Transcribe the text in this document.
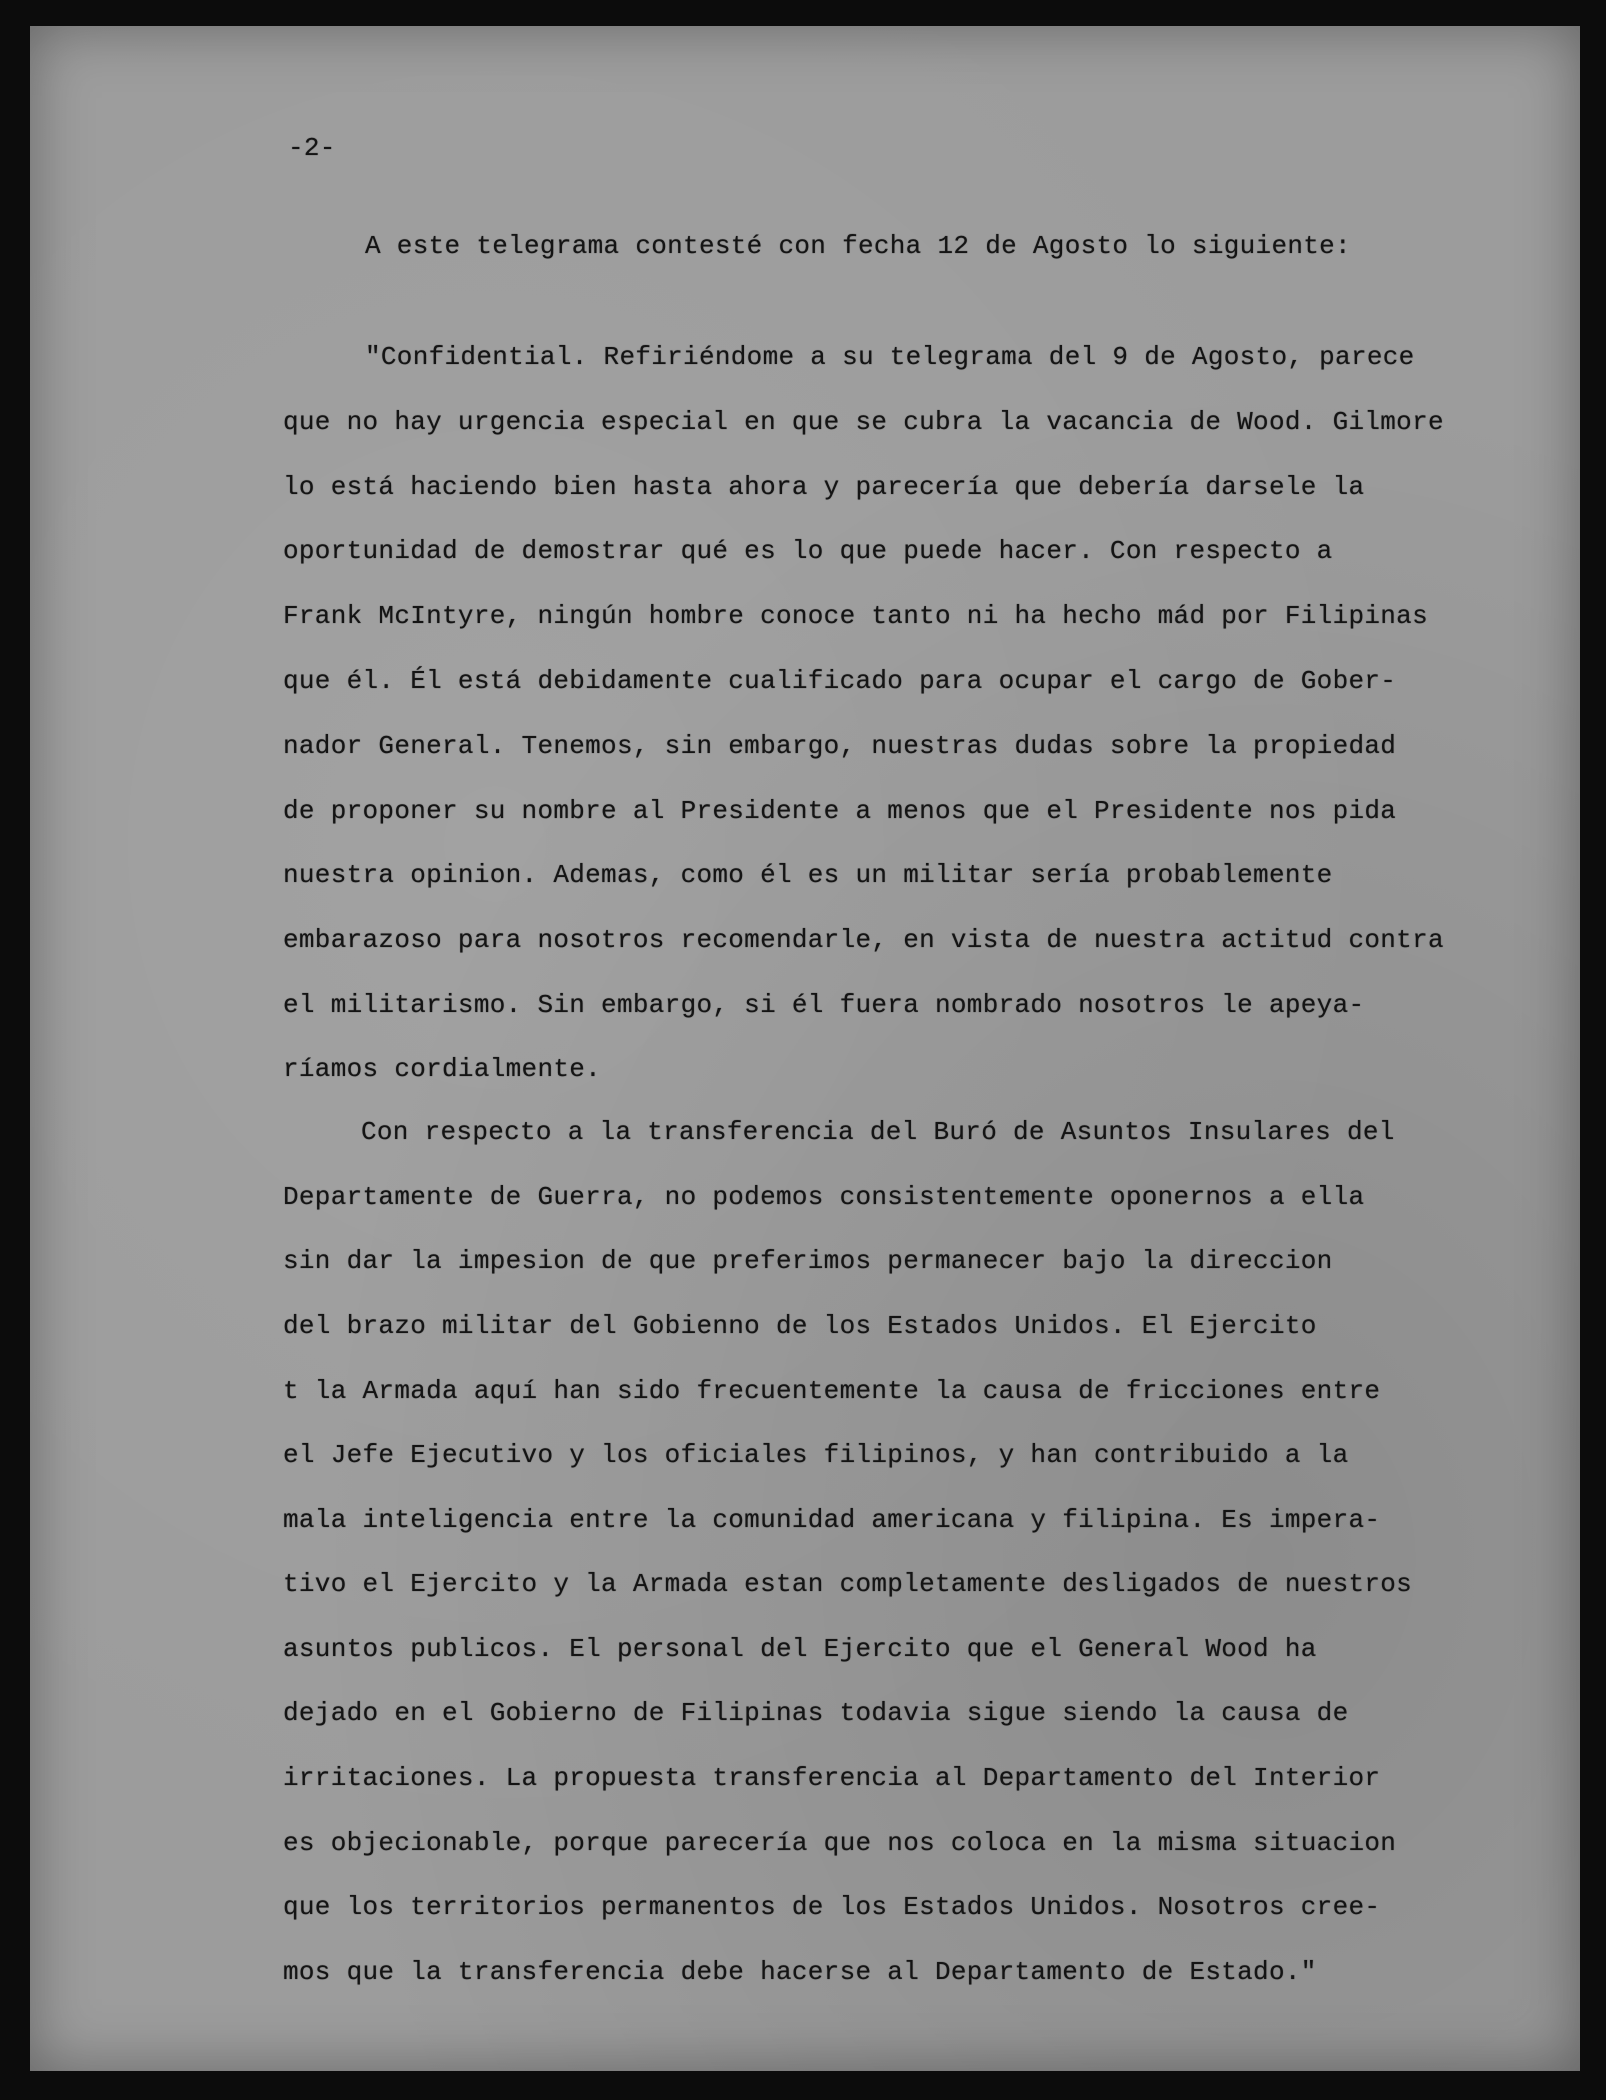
-2-
A este telegrama contesté con fecha 12 de Agosto lo siguiente:
"Confidential. Refiriéndome a su telegrama del 9 de Agosto, parece
que no hay urgencia especial en que se cubra la vacancia de Wood. Gilmore
lo está haciendo bien hasta ahora y parecería que debería darsele la
oportunidad de demostrar qué es lo que puede hacer. Con respecto a
Frank McIntyre, ningún hombre conoce tanto ni ha hecho mád por Filipinas
que él. Él está debidamente cualificado para ocupar el cargo de Gober-
nador General. Tenemos, sin embargo, nuestras dudas sobre la propiedad
de proponer su nombre al Presidente a menos que el Presidente nos pida
nuestra opinion. Ademas, como él es un militar sería probablemente
embarazoso para nosotros recomendarle, en vista de nuestra actitud contra
el militarismo. Sin embargo, si él fuera nombrado nosotros le apeya-
ríamos cordialmente.
Con respecto a la transferencia del Buró de Asuntos Insulares del
Departamente de Guerra, no podemos consistentemente oponernos a ella
sin dar la impesion de que preferimos permanecer bajo la direccion
del brazo militar del Gobienno de los Estados Unidos. El Ejercito
t la Armada aquí han sido frecuentemente la causa de fricciones entre
el Jefe Ejecutivo y los oficiales filipinos, y han contribuido a la
mala inteligencia entre la comunidad americana y filipina. Es impera-
tivo el Ejercito y la Armada estan completamente desligados de nuestros
asuntos publicos. El personal del Ejercito que el General Wood ha
dejado en el Gobierno de Filipinas todavia sigue siendo la causa de
irritaciones. La propuesta transferencia al Departamento del Interior
es objecionable, porque parecería que nos coloca en la misma situacion
que los territorios permanentos de los Estados Unidos. Nosotros cree-
mos que la transferencia debe hacerse al Departamento de Estado."
